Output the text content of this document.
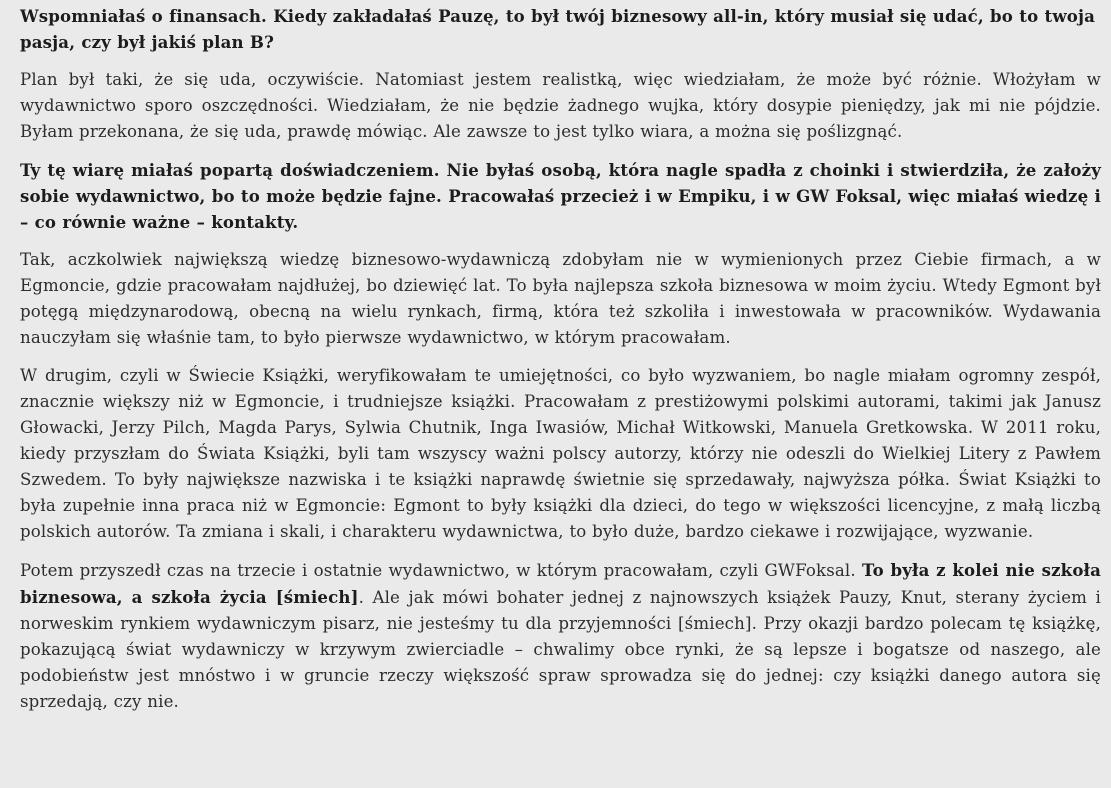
Wspomniałaś o finansach. Kiedy zakładałaś Pauzę, to był twój biznesowy all-in, który musiał się udać, bo to twoja pasja, czy był jakiś plan B?

Plan był taki, że się uda, oczywiście. Natomiast jestem realistką, więc wiedziałam, że może być różnie. Włożyłam w wydawnictwo sporo oszczędności. Wiedziałam, że nie będzie żadnego wujka, który dosypie pieniędzy, jak mi nie pójdzie. Byłam przekonana, że się uda, prawdę mówiąc. Ale zawsze to jest tylko wiara, a można się poślizgnąć.

Ty tę wiarę miałaś popartą doświadczeniem. Nie byłaś osobą, która nagle spadła z choinki i stwierdziła, że założy sobie wydawnictwo, bo to może będzie fajne. Pracowałaś przecież i w Empiku, i w GW Foksal, więc miałaś wiedzę i – co równie ważne – kontakty.

Tak, aczkolwiek największą wiedzę biznesowo-wydawniczą zdobyłam nie w wymienionych przez Ciebie firmach, a w Egmoncie, gdzie pracowałam najdłużej, bo dziewięć lat. To była najlepsza szkoła biznesowa w moim życiu. Wtedy Egmont był potęgą międzynarodową, obecną na wielu rynkach, firmą, która też szkoliła i inwestowała w pracowników. Wydawania nauczyłam się właśnie tam, to było pierwsze wydawnictwo, w którym pracowałam.

W drugim, czyli w Świecie Książki, weryfikowałam te umiejętności, co było wyzwaniem, bo nagle miałam ogromny zespół, znacznie większy niż w Egmoncie, i trudniejsze książki. Pracowałam z prestiżowymi polskimi autorami, takimi jak Janusz Głowacki, Jerzy Pilch, Magda Parys, Sylwia Chutnik, Inga Iwasiów, Michał Witkowski, Manuela Gretkowska. W 2011 roku, kiedy przyszłam do Świata Książki, byli tam wszyscy ważni polscy autorzy, którzy nie odeszli do Wielkiej Litery z Pawłem Szwedem. To były największe nazwiska i te książki naprawdę świetnie się sprzedawały, najwyższa półka. Świat Książki to była zupełnie inna praca niż w Egmoncie: Egmont to były książki dla dzieci, do tego w większości licencyjne, z małą liczbą polskich autorów. Ta zmiana i skali, i charakteru wydawnictwa, to było duże, bardzo ciekawe i rozwijające, wyzwanie.

Potem przyszedł czas na trzecie i ostatnie wydawnictwo, w którym pracowałam, czyli GWFoksal. To była z kolei nie szkoła biznesowa, a szkoła życia [śmiech]. Ale jak mówi bohater jednej z najnowszych książek Pauzy, Knut, sterany życiem i norweskim rynkiem wydawniczym pisarz, nie jesteśmy tu dla przyjemności [śmiech]. Przy okazji bardzo polecam tę książkę, pokazującą świat wydawniczy w krzywym zwierciadle – chwalimy obce rynki, że są lepsze i bogatsze od naszego, ale podobieństw jest mnóstwo i w gruncie rzeczy większość spraw sprowadza się do jednej: czy książki danego autora się sprzedają, czy nie.
